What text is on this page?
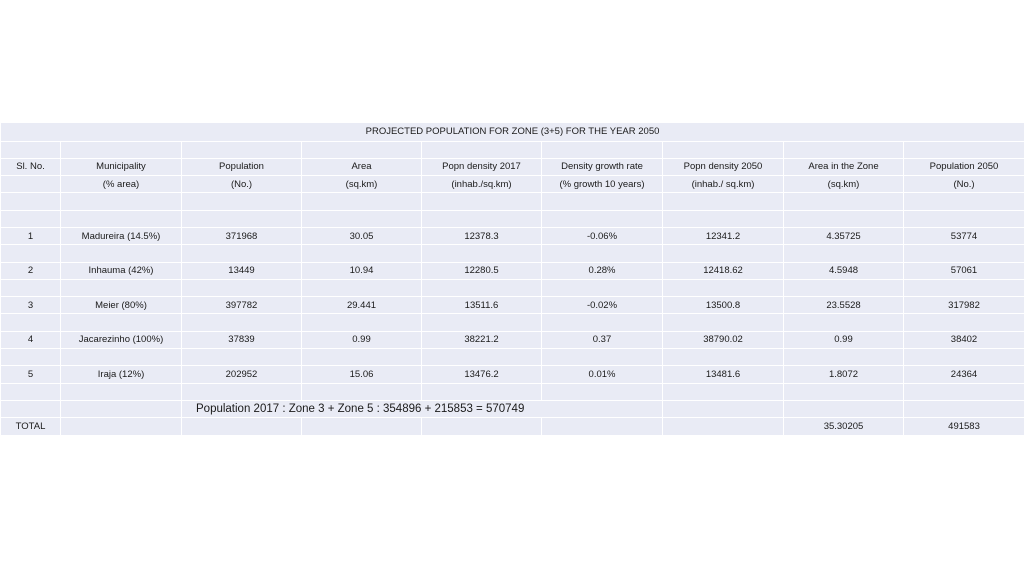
PROJECTED POPULATION FOR ZONE (3+5) FOR THE YEAR 2050								

Sl. No.	Municipality	Population	Area	Popn density 2017	Density growth rate	Popn density 2050	Area in the Zone	Population 2050
	(% area)	(No.)	(sq.km)	(inhab./sq.km)	(% growth 10 years)	(inhab./ sq.km)	(sq.km)	(No.)

1	Madureira (14.5%)	371968	30.05	12378.3	-0.06%	12341.2	4.35725	53774

2	Inhauma (42%)	13449	10.94	12280.5	0.28%	12418.62	4.5948	57061

3	Meier (80%)	397782	29.441	13511.6	-0.02%	13500.8	23.5528	317982

4	Jacarezinho (100%)	37839	0.99	38221.2	0.37	38790.02	0.99	38402

5	Iraja (12%)	202952	15.06	13476.2	0.01%	13481.6	1.8072	24364

		Population 2017 : Zone 3 + Zone 5 : 354896 + 215853 = 570749						
TOTAL							35.30205	491583
